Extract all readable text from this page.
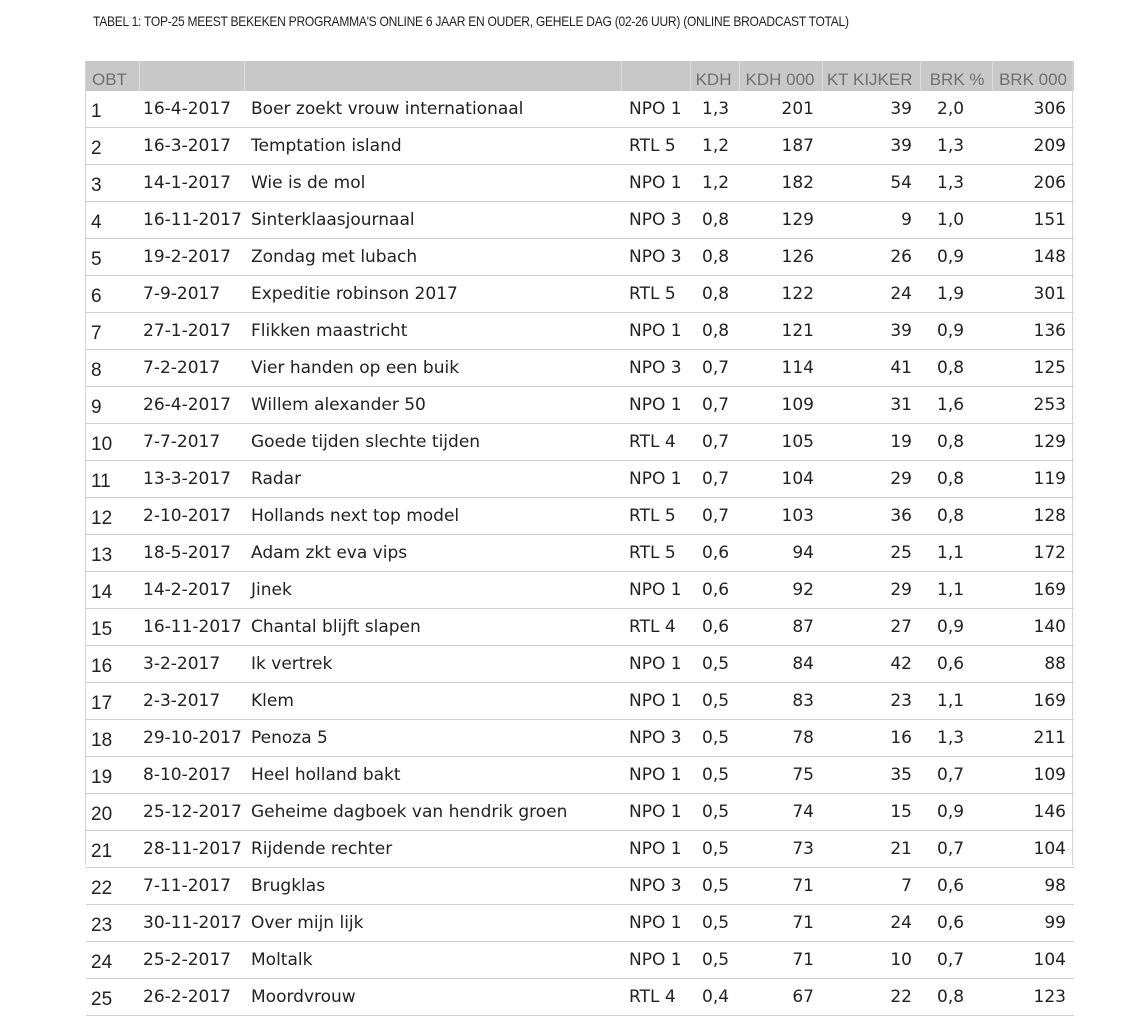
TABEL 1: TOP-25 MEEST BEKEKEN PROGRAMMA'S ONLINE 6 JAAR EN OUDER, GEHELE DAG (02-26 UUR) (ONLINE BROADCAST TOTAL)
OBT				KDH	KDH 000	KT KIJKER	BRK %	BRK 000
1	16-4-2017	Boer zoekt vrouw internationaal	NPO 1	1,3	201	39	2,0	306
2	16-3-2017	Temptation island	RTL 5	1,2	187	39	1,3	209
3	14-1-2017	Wie is de mol	NPO 1	1,2	182	54	1,3	206
4	16-11-2017	Sinterklaasjournaal	NPO 3	0,8	129	9	1,0	151
5	19-2-2017	Zondag met lubach	NPO 3	0,8	126	26	0,9	148
6	7-9-2017	Expeditie robinson 2017	RTL 5	0,8	122	24	1,9	301
7	27-1-2017	Flikken maastricht	NPO 1	0,8	121	39	0,9	136
8	7-2-2017	Vier handen op een buik	NPO 3	0,7	114	41	0,8	125
9	26-4-2017	Willem alexander 50	NPO 1	0,7	109	31	1,6	253
10	7-7-2017	Goede tijden slechte tijden	RTL 4	0,7	105	19	0,8	129
11	13-3-2017	Radar	NPO 1	0,7	104	29	0,8	119
12	2-10-2017	Hollands next top model	RTL 5	0,7	103	36	0,8	128
13	18-5-2017	Adam zkt eva vips	RTL 5	0,6	94	25	1,1	172
14	14-2-2017	Jinek	NPO 1	0,6	92	29	1,1	169
15	16-11-2017	Chantal blijft slapen	RTL 4	0,6	87	27	0,9	140
16	3-2-2017	Ik vertrek	NPO 1	0,5	84	42	0,6	88
17	2-3-2017	Klem	NPO 1	0,5	83	23	1,1	169
18	29-10-2017	Penoza 5	NPO 3	0,5	78	16	1,3	211
19	8-10-2017	Heel holland bakt	NPO 1	0,5	75	35	0,7	109
20	25-12-2017	Geheime dagboek van hendrik groen	NPO 1	0,5	74	15	0,9	146
21	28-11-2017	Rijdende rechter	NPO 1	0,5	73	21	0,7	104
22	7-11-2017	Brugklas	NPO 3	0,5	71	7	0,6	98
23	30-11-2017	Over mijn lijk	NPO 1	0,5	71	24	0,6	99
24	25-2-2017	Moltalk	NPO 1	0,5	71	10	0,7	104
25	26-2-2017	Moordvrouw	RTL 4	0,4	67	22	0,8	123
